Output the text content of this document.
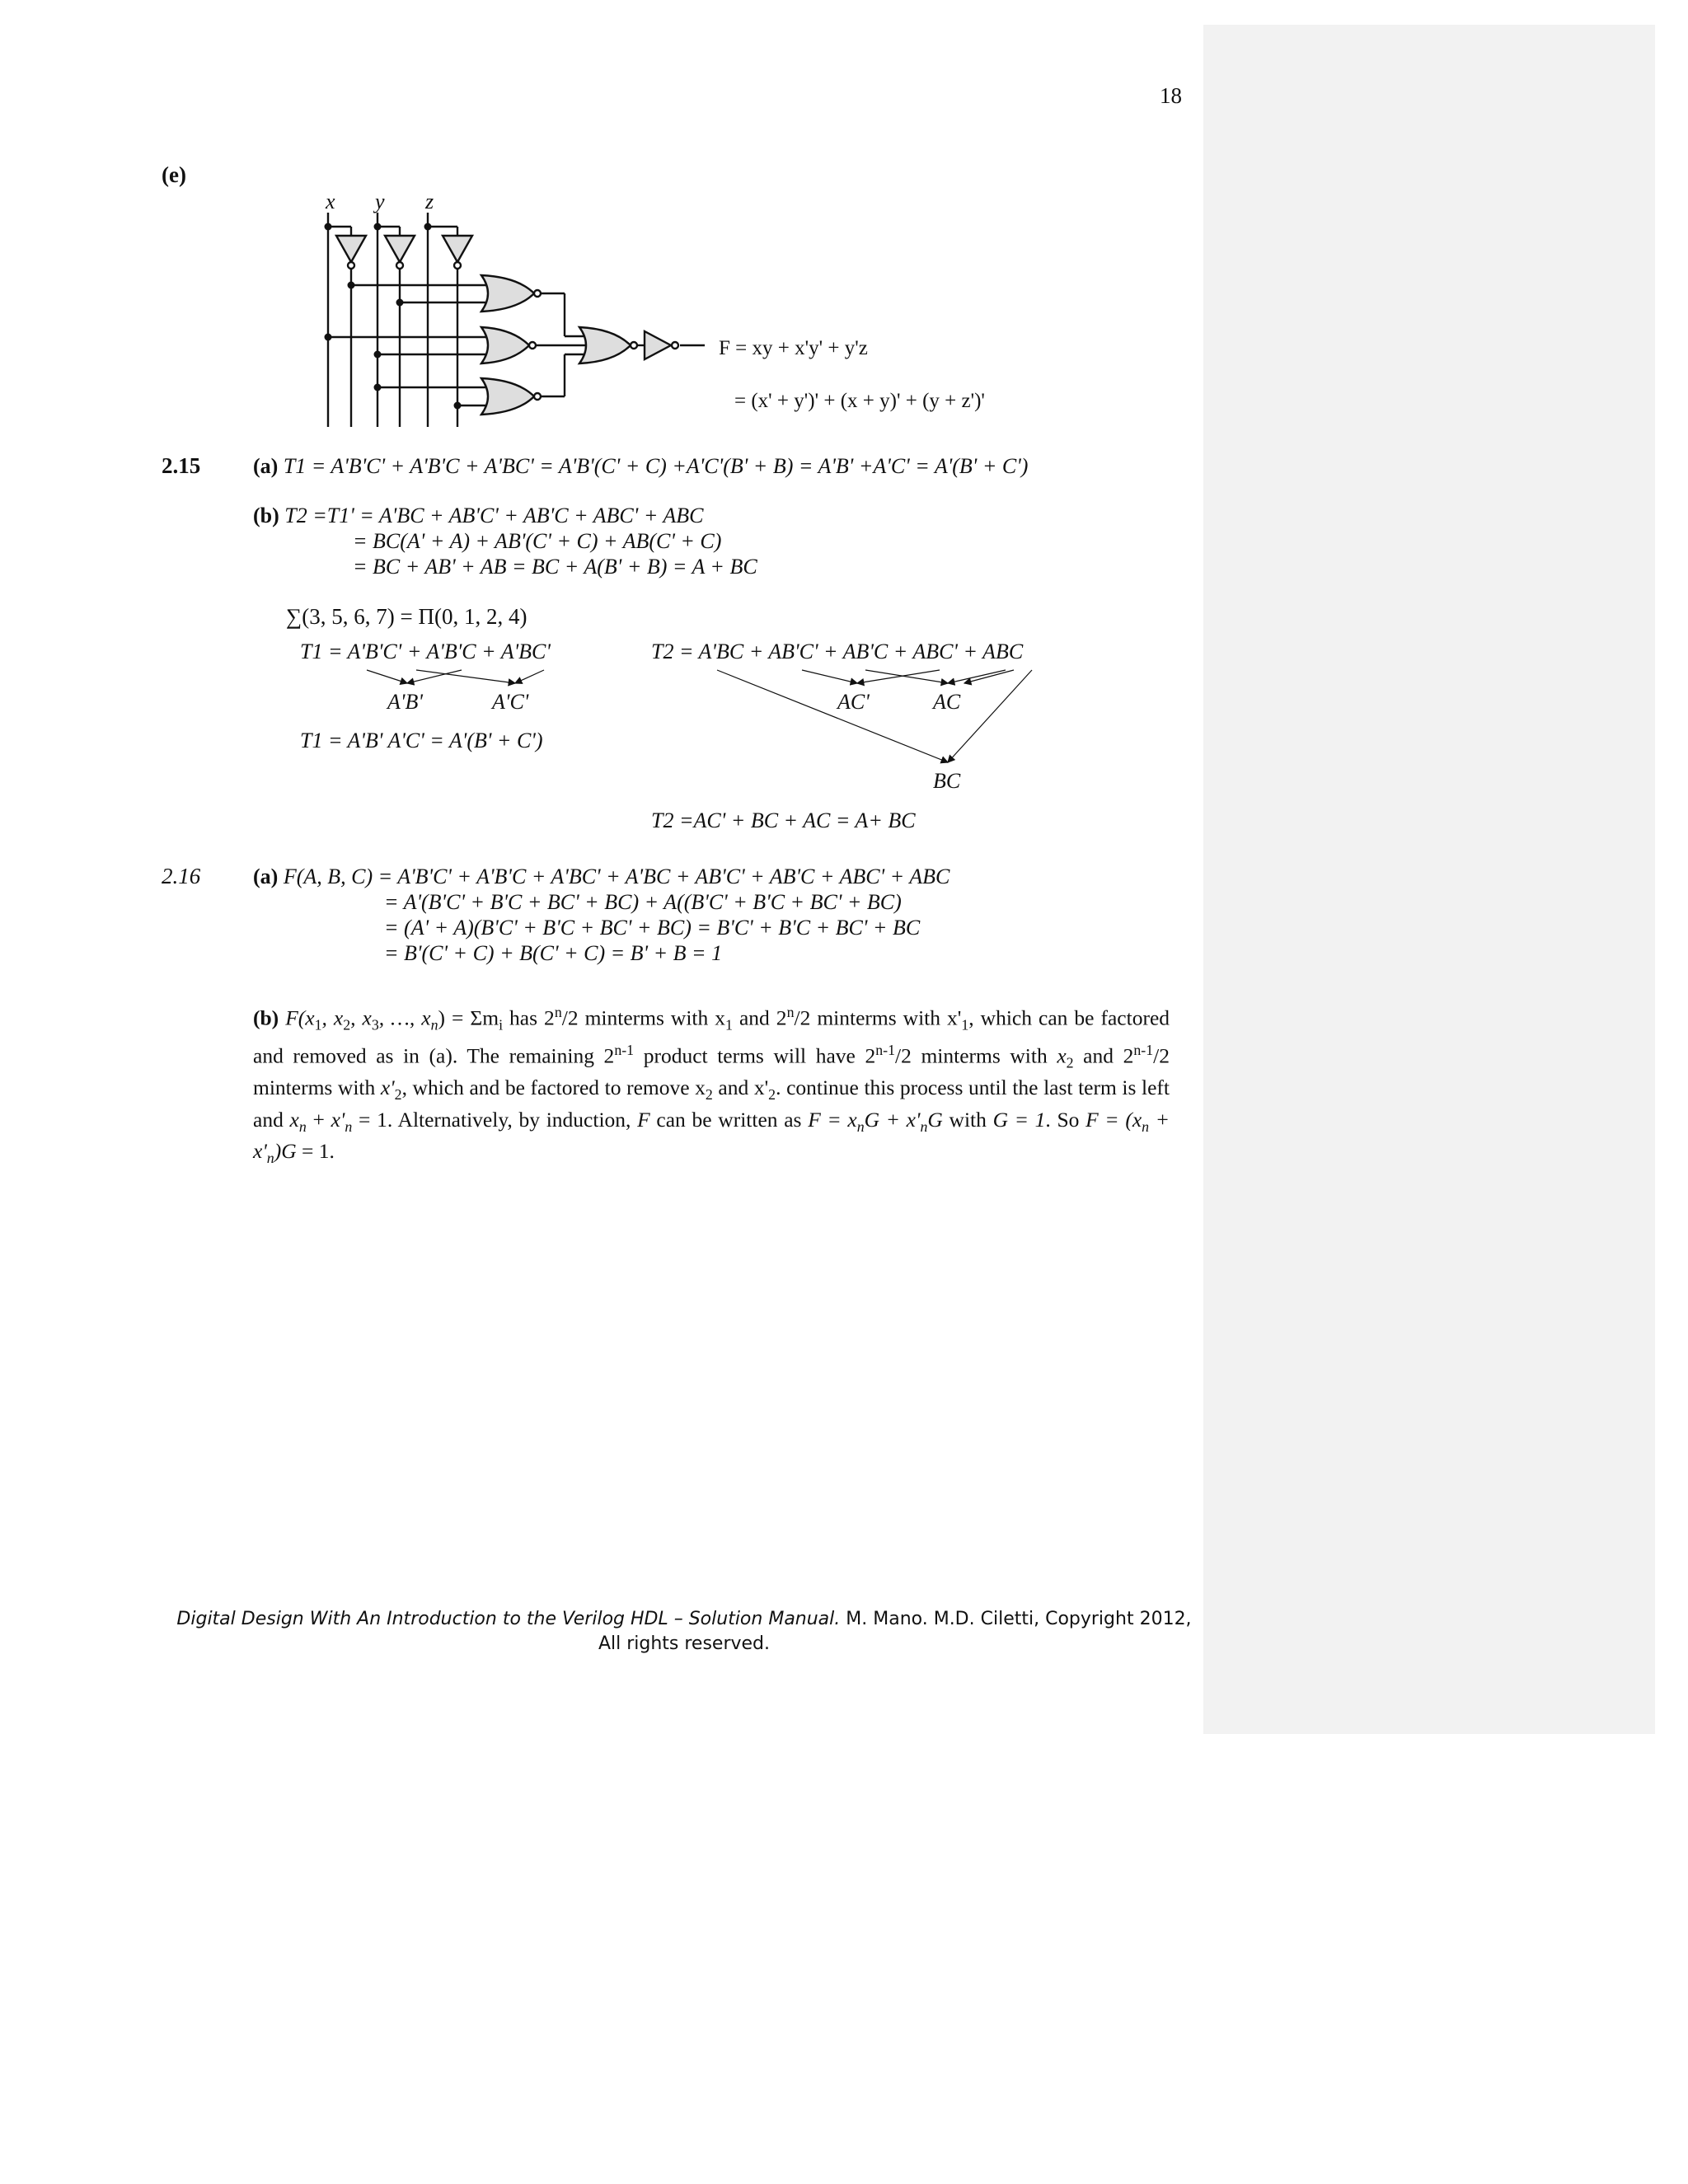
18
(e)
x y z
F = xy + x'y' + y'z
= (x' + y')' + (x + y)' + (y + z')'
2.15 (a) T1 = A'B'C' + A'B'C + A'BC' = A'B'(C' + C) +A'C'(B' + B) = A'B' +A'C' = A'(B' + C')
(b) T2 =T1' = A'BC + AB'C' + AB'C + ABC' + ABC
= BC(A' + A) + AB'(C' + C) + AB(C' + C)
= BC + AB' + AB = BC + A(B' + B) = A + BC
∑(3, 5, 6, 7) = Π(0, 1, 2, 4)
T1 = A'B'C' + A'B'C + A'BC'
A'B'	A'C'
T1 = A'B' A'C' = A'(B' + C')
T2 = A'BC + AB'C' + AB'C + ABC' + ABC
AC'	AC
BC
T2 =AC' + BC + AC = A+ BC
2.16 (a) F(A, B, C) = A'B'C' + A'B'C + A'BC' + A'BC + AB'C' + AB'C + ABC' + ABC
= A'(B'C' + B'C + BC' + BC) + A((B'C' + B'C + BC' + BC)
= (A' + A)(B'C' + B'C + BC' + BC) = B'C' + B'C + BC' + BC
= B'(C' + C) + B(C' + C) = B' + B = 1
(b) $F(x_1$, $x_2$, $x_3$, …, $x_n) = \Sigma m_i$ has 2$^n$/2 minterms with $x_1$ and 2$^n$/2 minterms with $x'_1$, which can be factored and removed as in (a). The remaining 2$^{n-1}$ product terms will have 2$^{n-1}$/2 minterms with $x_2$ and 2$^{n-1}$/2 minterms with $x'_2$, which and be factored to remove $x_2$ and $x'_2$. continue this process until the last term is left and $x_n + x'_n = 1$. Alternatively, by induction, F can be written as $F = x_nG + x'_nG$ with G = 1. So $F = (x_n + x'_n)G = 1$.
Digital Design With An Introduction to the Verilog HDL – Solution Manual. M. Mano. M.D. Ciletti, Copyright 2012,
All rights reserved.
